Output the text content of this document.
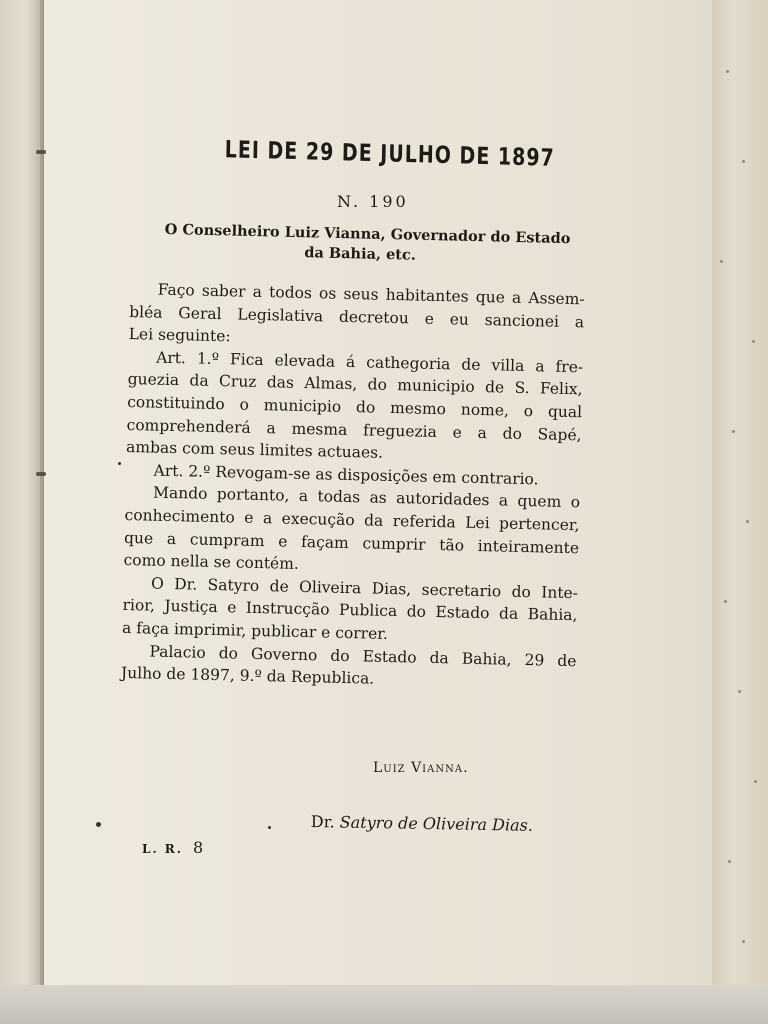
LEI DE 29 DE JULHO DE 1897
N. 190
O Conselheiro Luiz Vianna, Governador do Estado
da Bahia, etc.
Faço saber a todos os seus habitantes que a Assem-
bléa Geral Legislativa decretou e eu sancionei a
Lei seguinte:
Art. 1.º Fica elevada á cathegoria de villa a fre-
guezia da Cruz das Almas, do municipio de S. Felix,
constituindo o municipio do mesmo nome, o qual
comprehenderá a mesma freguezia e a do Sapé,
ambas com seus limites actuaes.
Art. 2.º Revogam-se as disposições em contrario.
Mando portanto, a todas as autoridades a quem o
conhecimento e a execução da referida Lei pertencer,
que a cumpram e façam cumprir tão inteiramente
como nella se contém.
O Dr. Satyro de Oliveira Dias, secretario do Inte-
rior, Justiça e Instrucção Publica do Estado da Bahia,
a faça imprimir, publicar e correr.
Palacio do Governo do Estado da Bahia, 29 de
Julho de 1897, 9.º da Republica.
Luiz Vianna.
Dr. Satyro de Oliveira Dias.
L. R. 8
